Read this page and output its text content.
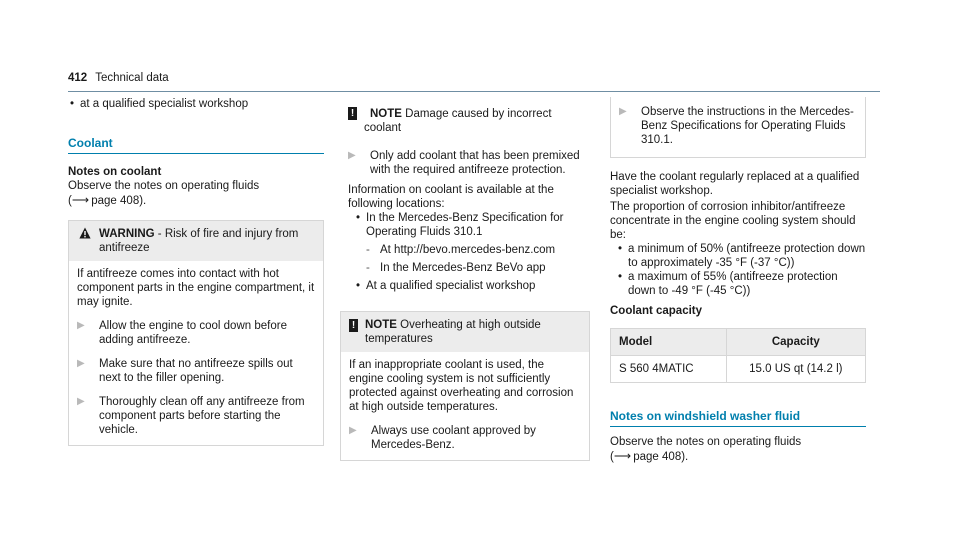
412 Technical data

• at a qualified specialist workshop

Coolant

Notes on coolant

Observe the notes on operating fluids
(⟶ page 408).

WARNING - Risk of fire and injury from antifreeze

If antifreeze comes into contact with hot component parts in the engine compartment, it may ignite.

▶ Allow the engine to cool down before adding antifreeze.

▶ Make sure that no antifreeze spills out next to the filler opening.

▶ Thoroughly clean off any antifreeze from component parts before starting the vehicle.

! NOTE Damage caused by incorrect coolant

▶ Only add coolant that has been premixed with the required antifreeze protection.

Information on coolant is available at the following locations:

• In the Mercedes-Benz Specification for Operating Fluids 310.1

- At http://bevo.mercedes-benz.com

- In the Mercedes-Benz BeVo app

• At a qualified specialist workshop

! NOTE Overheating at high outside temperatures

If an inappropriate coolant is used, the engine cooling system is not sufficiently protected against overheating and corrosion at high outside temperatures.

▶ Always use coolant approved by Mercedes-Benz.

▶ Observe the instructions in the Mercedes-Benz Specifications for Operating Fluids 310.1.

Have the coolant regularly replaced at a qualified specialist workshop.

The proportion of corrosion inhibitor/antifreeze concentrate in the engine cooling system should be:

• a minimum of 50% (antifreeze protection down to approximately -35 °F (-37 °C))

• a maximum of 55% (antifreeze protection down to -49 °F (-45 °C))

Coolant capacity

Model	Capacity
S 560 4MATIC	15.0 US qt (14.2 l)

Notes on windshield washer fluid

Observe the notes on operating fluids
(⟶ page 408).
